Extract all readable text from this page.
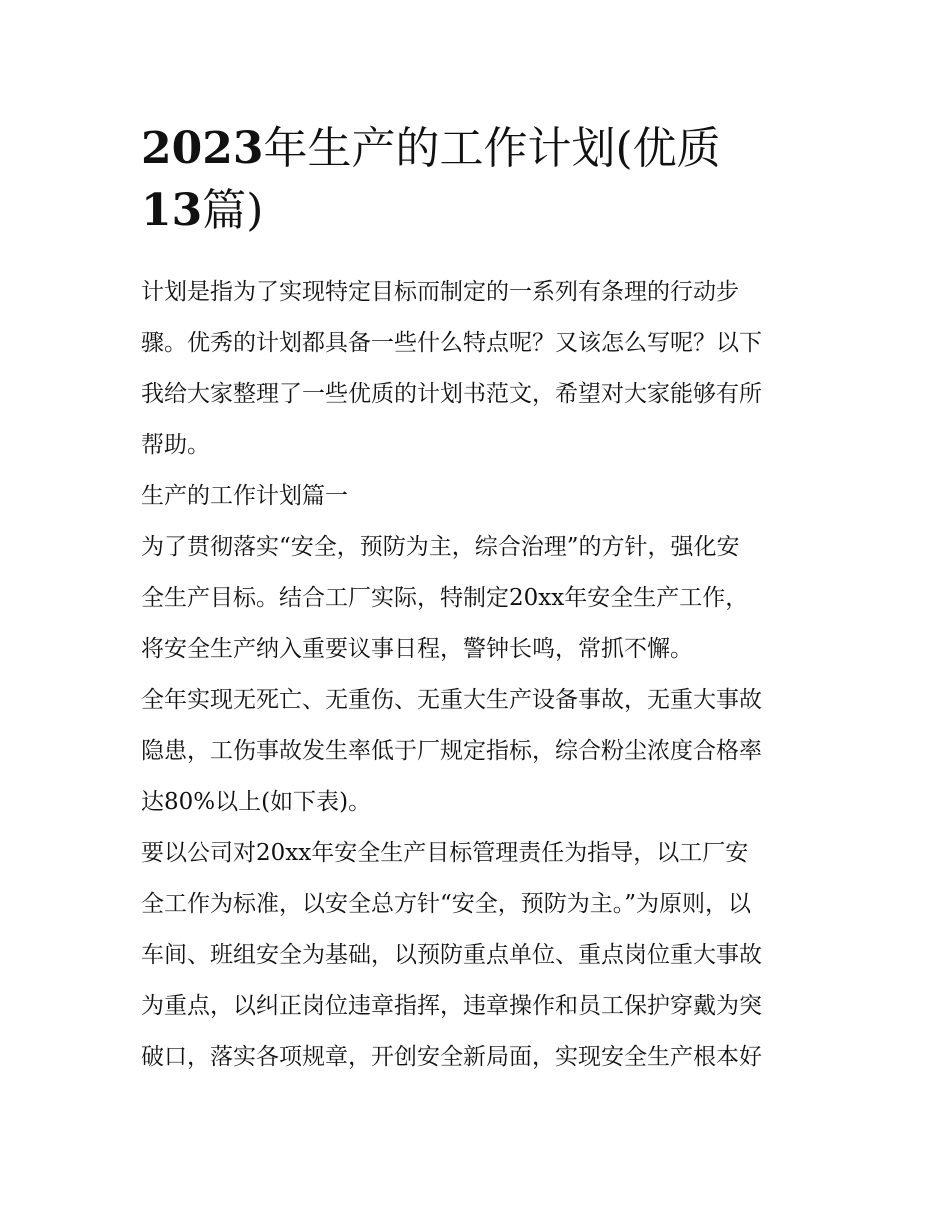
2023年生产的工作计划(优质
13篇)

计划是指为了实现特定目标而制定的一系列有条理的行动步
骤。优秀的计划都具备一些什么特点呢？又该怎么写呢？以下
我给大家整理了一些优质的计划书范文，希望对大家能够有所
帮助。

生产的工作计划篇一

为了贯彻落实“安全，预防为主，综合治理”的方针，强化安
全生产目标。结合工厂实际，特制定20xx年安全生产工作，
将安全生产纳入重要议事日程，警钟长鸣，常抓不懈。

全年实现无死亡、无重伤、无重大生产设备事故，无重大事故
隐患，工伤事故发生率低于厂规定指标，综合粉尘浓度合格率
达80%以上(如下表)。

要以公司对20xx年安全生产目标管理责任为指导，以工厂安
全工作为标准，以安全总方针“安全，预防为主。”为原则，以
车间、班组安全为基础，以预防重点单位、重点岗位重大事故
为重点，以纠正岗位违章指挥，违章操作和员工保护穿戴为突
破口，落实各项规章，开创安全新局面，实现安全生产根本好
